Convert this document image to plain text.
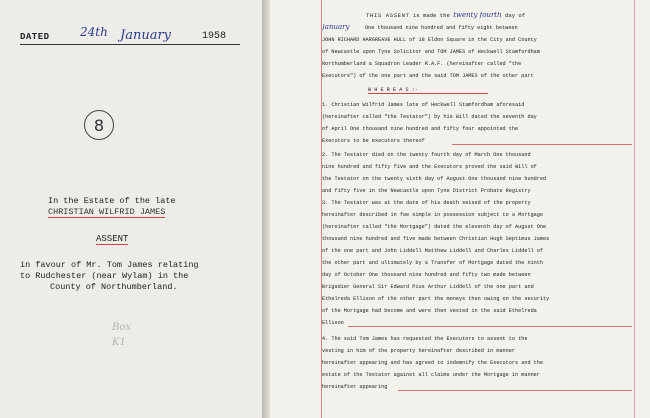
DATED	24th January	1958
8
In the Estate of the late
CHRISTIAN WILFRID JAMES
ASSENT
in favour of Mr. Tom James relating
to Rudchester (near Wylam) in the
County of Northumberland.
Box
K1
THIS ASSENT is made the twenty fourth day of
January	One thousand nine hundred and fifty eight between
JOHN RICHARD HARGREAVE HULL of 18 Eldon Square in the City and County
of Newcastle upon Tyne Solicitor and TOM JAMES of Heckwell Stamfordham
Northumberland a Squadron Leader R.A.F. (hereinafter called "the
Executors") of the one part and the said TOM JAMES of the other part
W H E R E A S :-
1. Christian Wilfrid James late of Heckwell Stamfordham aforesaid
(hereinafter called "the Testator") by his Will dated the seventh day
of April One thousand nine hundred and fifty four appointed the
Executors to be executors thereof
2. The Testator died on the twenty fourth day of March One thousand
nine hundred and fifty five and the Executors proved the said Will of
the Testator on the twenty sixth day of August One thousand nine hundred
and fifty five in the Newcastle upon Tyne District Probate Registry
3. The Testator was at the date of his death seised of the property
hereinafter described in fee simple in possession subject to a Mortgage
(hereinafter called "the Mortgage") dated the eleventh day of August One
thousand nine hundred and five made between Christian Hugh Septimus James
of the one part and John Liddell Matthew Liddell and Charles Liddell of
the other part and ultimately by a Transfer of Mortgage dated the ninth
day of October One thousand nine hundred and fifty two made between
Brigadier General Sir Edward Pius Arthur Liddell of the one part and
Ethelreda Ellison of the other part the moneys then owing on the security
of the Mortgage had become and were then vested in the said Ethelreda
Ellison
4. The said Tom James has requested the Executors to assent to the
vesting in him of the property hereinafter described in manner
hereinafter appearing and has agreed to indemnify the Executors and the
estate of the Testator against all claims under the Mortgage in manner
hereinafter appearing
